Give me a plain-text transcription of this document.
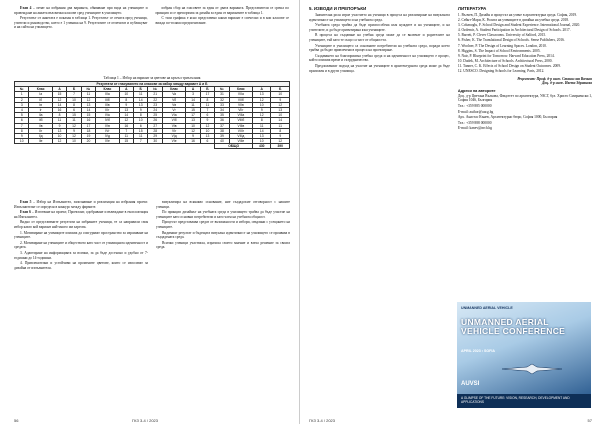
Етап 4 – печат на избрания два варианта, обявяване при вида на учениците и провеждане на анкета във вички класове сред учениците в училището.

Резултатът от анкетата е показан в таблица 1. Резултатът се отчита пред ученици, учители и ръководство, което е 1 ученика на 9. Резултатите се отпечатат и публикуват и на сайта на училището.

избран сбор на гласовете за един от двата варианта. Представители се среша по принцип и се препоръчва за дизайн за един от вариантите в таблица 1.

С тази графика е ясно представено какъв вариант е спечелил и в кои класове се вижда по-голямо предпочитание.

Таблица 1 – Избор на вариант за цветове на кръгъл триъгълник
Резултати от гласуването на класове за избор между вариант А и Б															
№	Клас	А	Б	№	Клас	А	Б	№	Клас	А	Б	№	Клас	А	Б
1	Ia	15	7	11	IIIa	10	11	21	Va	3	17	31	VIIa	13	10
2	Iб	12	10	12	IIIб	8	14	22	Vб	14	8	32	VIIб	12	9
3	Iв	14	8	13	IIIв	9	13	23	Vв	11	11	33	VIIв	10	12
4	Iг	16	6	14	IIIг	13	9	24	Vг	15	7	34	VIIг	9	13
5	IIa	8	15	15	IVa	14	8	25	VIa	17	6	35	VIIIa	12	10
6	IIб	11	11	16	IVб	12	10	26	VIб	13	9	36	VIIIб	8	14
7	IIв	9	12	17	IVв	16	6	27	VIв	10	12	37	VIIIв	11	11
8	IIг	13	9	18	IVг	7	15	28	VIг	12	10	38	VIIIг	14	8
9	IIд	10	12	19	IVд	11	11	29	VIд	9	13	39	VIIIд	13	9
10	IIе	12	10	20	IVе	15	7	30	VIе	16	6	40	VIIIе	10	12
												ОБЩО		430	390

Етап 5 – Избор на Изпълнител, запознаване и реализация на избрания проект. Изпълнителят се определя в конкурс между фирмите.

Етап 6 – Изготвяне на проект, Проектант, одобряване и въвеждане в експлоатация на Изпълнител.

Видно от представените резултати на избраните ученици, те са направили своя избор както кой вариант най-много им харесва.

1. Мотивиране на учениците изисква да осигуряват пространство за изразяване на учениците.

2. Мотивиране на учениците и обществото като част от училищната идентичност и средата.

3. Адаптиране на информацията за всички, за да бъде достъпно и удобно от 7-годишни до 14-годишни.

4. Привлекателни и устойчиви на промените цветове, които се използват за дизайна от изпълнителя.

визуализира на всякакво основание, ние създадохме отговорност с нашите ученици.

По принцип дизайнът на учебната среда в училището трябва да бъде участие на учениците като основни потребители и като член на учебната общност.

Процесът представлява средат от възможности и избори, свързани с усещането на учениците.

Видимият резултат и бъдещата визуална идентичност на училището се проявява в създадената среда.

Всички ученици участваха, изразиха своето мнение и взеха решение за своята среда.

56	ГКЗ 3-4 / 2023
5. ИЗВОДИ И ПРЕПОРЪКИ

Значителна роля играе участието на ученици в процеса на реализиране на визуалната идентичност на училището и на учебната среда.

Учебната среда трябва да бъде приспособена към нуждите и на учениците, и на учителите, и да бъде ориентирана към учениците.

В процеса на създаване на учебна среда може да се включат и родителите на учениците, тъй като те също са част от общността.

Учениците в училището са основните потребители на учебната среда, поради което трябва да бъдат привлечени в процеса на проектиране.

Създаването на благоприятна учебна среда и на идентичност на училището е процес, който изисква време и сътрудничество.

Предложеният подход на участие на учениците в архитектурната среда може да бъде приложен и в други училища.

ЛИТЕРАТУРА
1. Вълчев, П. Дизайн и процесът на учене в архитектурна среда. София, 2019.
2. Сейнт-Мари, К. Ролята на учениците в дизайна на учебна среда. 2018.
3. Cobanoglu, F. School Design and Student Experience. International Journal, 2020.
4. Ozdemir, A. Student Participation in Architectural Design of Schools. 2017.
5. Barrett, P. Clever Classrooms. University of Salford, 2015.
6. Fisher, K. The Translational Design of Schools. Sense Publishers, 2016.
7. Woolner, P. The Design of Learning Spaces. London, 2010.
8. Higgins, S. The Impact of School Environments. 2005.
9. Nair, P. Blueprint for Tomorrow. Harvard Education Press, 2014.
10. Dudek, M. Architecture of Schools. Architectural Press, 2000.
11. Tanner, C. K. Effects of School Design on Student Outcomes. 2009.
12. UNESCO. Designing Schools for Learning. Paris, 2012.
Рецензент: Проф. д-р инж. Станислав Вачков
Доц. д-р инж. Ивета Здравкова
Адреси на авторите

Доц. д-р Цветана Вълкова, Факултет по архитектура, УАСГ, бул. Христо Смирненски 1, София 1046, България

Тел.: +359 885 000000

Е-mail: author@uacg.bg

Арх. Анастас Кънев, Архитектурно бюро, София 1000, България

Тел.: +359 888 000000

Е-mail: kanev@arch.bg

UNMANNED AERIAL VEHICLE
UNMANNED AERIAL VEHICLE CONFERENCE
APRIL 2023 • SOFIA
AUVSI
A GLIMPSE OF THE FUTURE: VISION, RESEARCH, DEVELOPMENT AND APPLICATIONS
ГКЗ 3-4 / 2023	57
